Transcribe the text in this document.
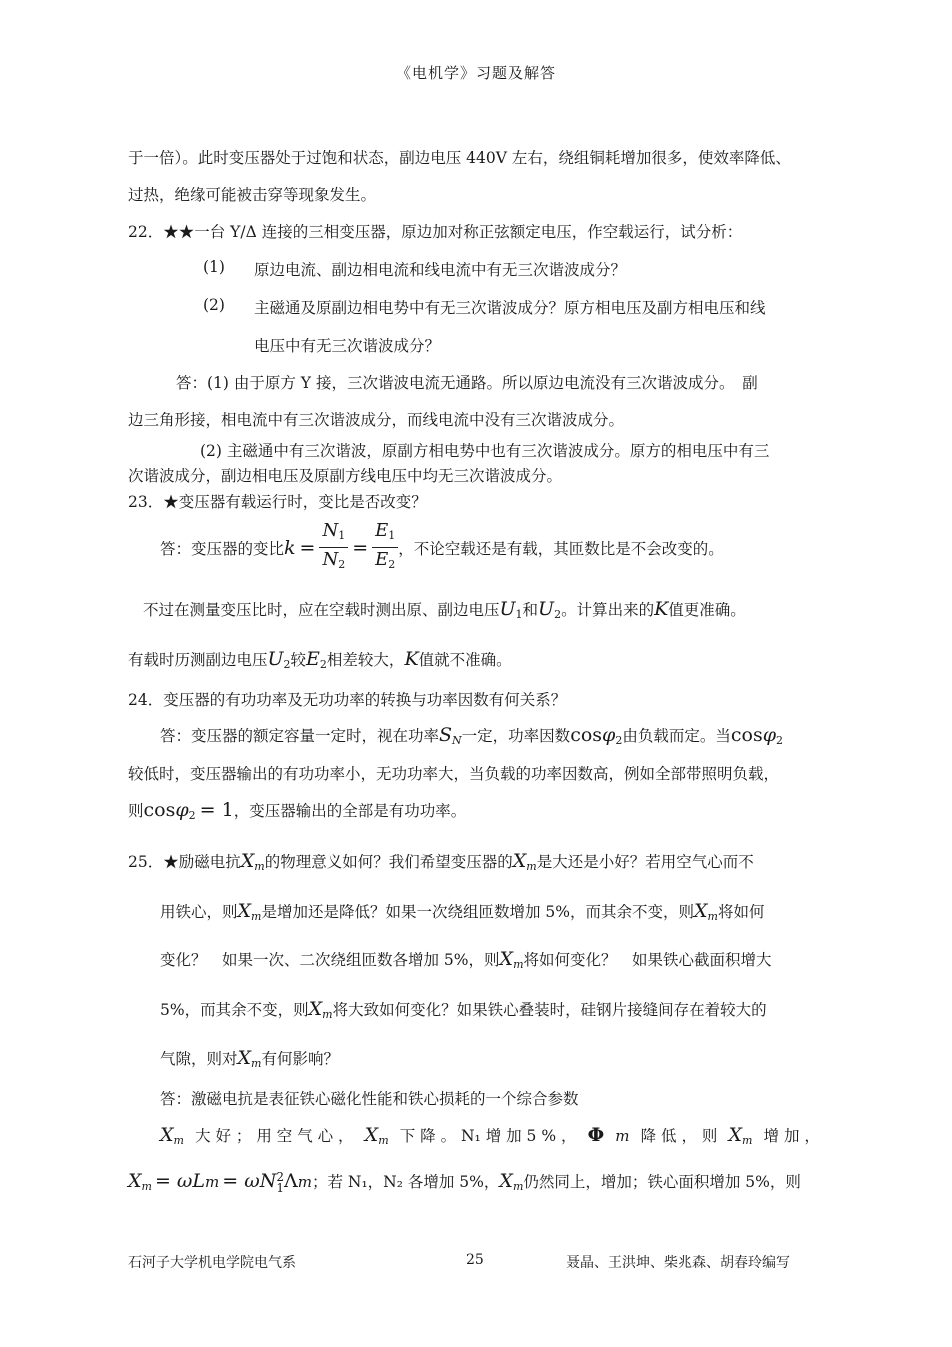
《电机学》习题及解答
于一倍）。此时变压器处于过饱和状态，副边电压 440V 左右，绕组铜耗增加很多，使效率降低、
过热，绝缘可能被击穿等现象发生。
22．★★一台 Y/Δ 连接的三相变压器，原边加对称正弦额定电压，作空载运行，试分析：
(1)	原边电流、副边相电流和线电流中有无三次谐波成分？
(2)	主磁通及原副边相电势中有无三次谐波成分？原方相电压及副方相电压和线
电压中有无三次谐波成分？
答：(1) 由于原方 Y 接，三次谐波电流无通路。所以原边电流没有三次谐波成分。　副
边三角形接，相电流中有三次谐波成分，而线电流中没有三次谐波成分。
(2) 主磁通中有三次谐波，原副方相电势中也有三次谐波成分。原方的相电压中有三
次谐波成分，副边相电压及原副方线电压中均无三次谐波成分。
23．★变压器有载运行时，变比是否改变？
答：变压器的变比 $k = \frac{N_1}{N_2} = \frac{E_1}{E_2}$ ，不论空载还是有载，其匝数比是不会改变的。
不过在测量变压比时，应在空载时测出原、副边电压$U_1$和$U_2$。计算出来的K值更准确。
有载时历测副边电压$U_2$较$E_2$相差较大，K值就不准确。
24．变压器的有功功率及无功功率的转换与功率因数有何关系？
答：变压器的额定容量一定时，视在功率$S_N$一定，功率因数cosφ$_2$由负载而定。当cosφ$_2$
较低时，变压器输出的有功功率小，无功功率大，当负载的功率因数高，例如全部带照明负载，
则cosφ$_2$ = 1，变压器输出的全部是有功功率。
25．★励磁电抗$X_m$的物理意义如何？我们希望变压器的$X_m$是大还是小好？若用空气心而不
用铁心，则$X_m$是增加还是降低？如果一次绕组匝数增加 5%，而其余不变，则$X_m$将如何
变化？　如果一次、二次绕组匝数各增加 5%，则$X_m$将如何变化？　如果铁心截面积增大
5%，而其余不变，则$X_m$将大致如何变化？如果铁心叠装时，硅钢片接缝间存在着较大的
气隙，则对$X_m$有何影响？
答：激磁电抗是表征铁心磁化性能和铁心损耗的一个综合参数
$X_m$ 大 好 ； 用 空 气 心 ， $X_m$ 下 降 。 N₁ 增 加 5 % ， Φ m 降 低 ， 则 $X_m$ 增 加 ，
$X_m = \omega Lm = \omega N$ 2
1 Λm；若 N₁，N₂ 各增加 5%，$X_m$仍然同上，增加；铁心面积增加 5%，则
石河子大学机电学院电气系	25	聂晶、王洪坤、柴兆森、胡春玲编写
